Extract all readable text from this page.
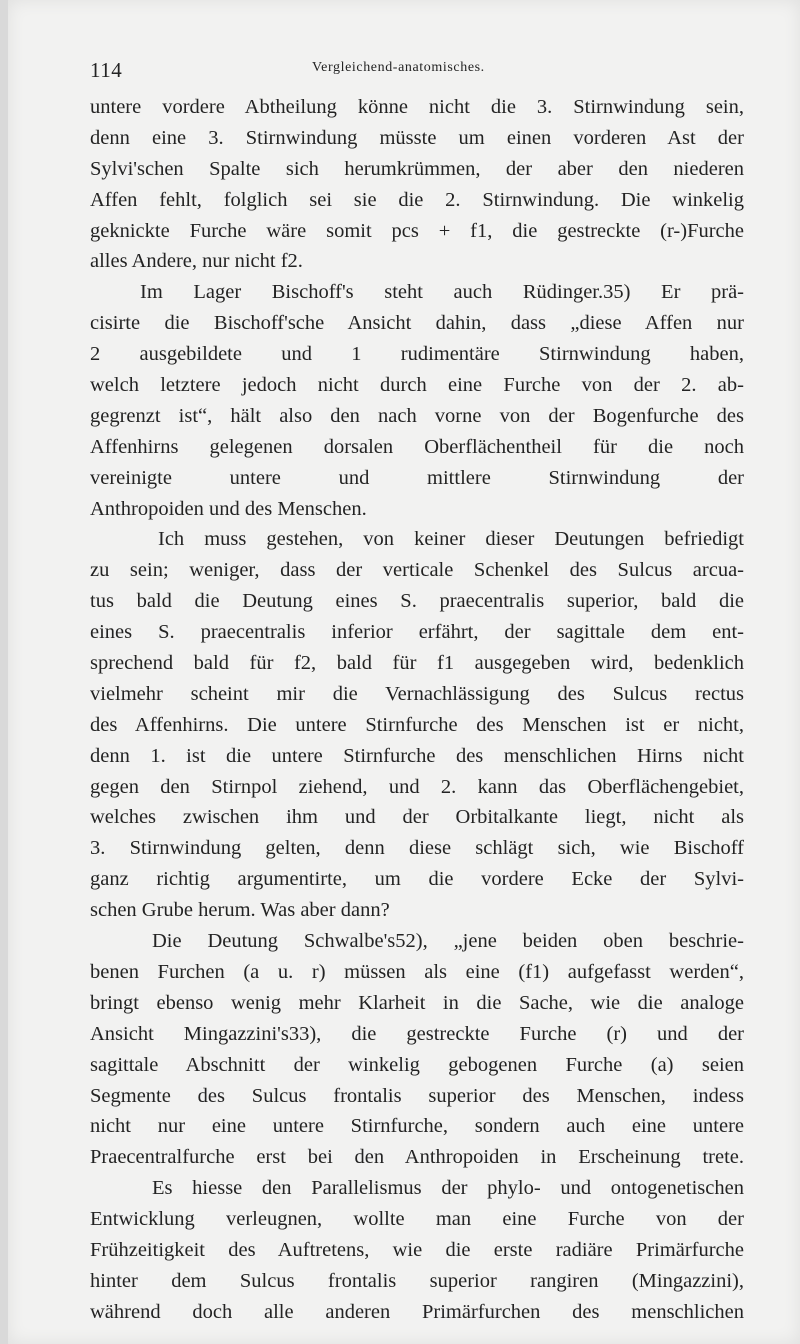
114	Vergleichend-anatomisches.
untere vordere Abtheilung könne nicht die 3. Stirnwindung sein,
denn eine 3. Stirnwindung müsste um einen vorderen Ast der
Sylvi'schen Spalte sich herumkrümmen, der aber den niederen
Affen fehlt, folglich sei sie die 2. Stirnwindung. Die winkelig
geknickte Furche wäre somit pcs + f1, die gestreckte (r-)Furche
alles Andere, nur nicht f2.
Im Lager Bischoff's steht auch Rüdinger.35) Er prä-
cisirte die Bischoff'sche Ansicht dahin, dass „diese Affen nur
2 ausgebildete und 1 rudimentäre Stirnwindung haben,
welch letztere jedoch nicht durch eine Furche von der 2. ab-
gegrenzt ist“, hält also den nach vorne von der Bogenfurche des
Affenhirns gelegenen dorsalen Oberflächentheil für die noch
vereinigte untere und mittlere Stirnwindung der
Anthropoiden und des Menschen.
Ich muss gestehen, von keiner dieser Deutungen befriedigt
zu sein; weniger, dass der verticale Schenkel des Sulcus arcua-
tus bald die Deutung eines S. praecentralis superior, bald die
eines S. praecentralis inferior erfährt, der sagittale dem ent-
sprechend bald für f2, bald für f1 ausgegeben wird, bedenklich
vielmehr scheint mir die Vernachlässigung des Sulcus rectus
des Affenhirns. Die untere Stirnfurche des Menschen ist er nicht,
denn 1. ist die untere Stirnfurche des menschlichen Hirns nicht
gegen den Stirnpol ziehend, und 2. kann das Oberflächengebiet,
welches zwischen ihm und der Orbitalkante liegt, nicht als
3. Stirnwindung gelten, denn diese schlägt sich, wie Bischoff
ganz richtig argumentirte, um die vordere Ecke der Sylvi-
schen Grube herum. Was aber dann?
Die Deutung Schwalbe's52), „jene beiden oben beschrie-
benen Furchen (a u. r) müssen als eine (f1) aufgefasst werden“,
bringt ebenso wenig mehr Klarheit in die Sache, wie die analoge
Ansicht Mingazzini's33), die gestreckte Furche (r) und der
sagittale Abschnitt der winkelig gebogenen Furche (a) seien
Segmente des Sulcus frontalis superior des Menschen, indess
nicht nur eine untere Stirnfurche, sondern auch eine untere
Praecentralfurche erst bei den Anthropoiden in Erscheinung trete.
Es hiesse den Parallelismus der phylo- und ontogenetischen
Entwicklung verleugnen, wollte man eine Furche von der
Frühzeitigkeit des Auftretens, wie die erste radiäre Primärfurche
hinter dem Sulcus frontalis superior rangiren (Mingazzini),
während doch alle anderen Primärfurchen des menschlichen
